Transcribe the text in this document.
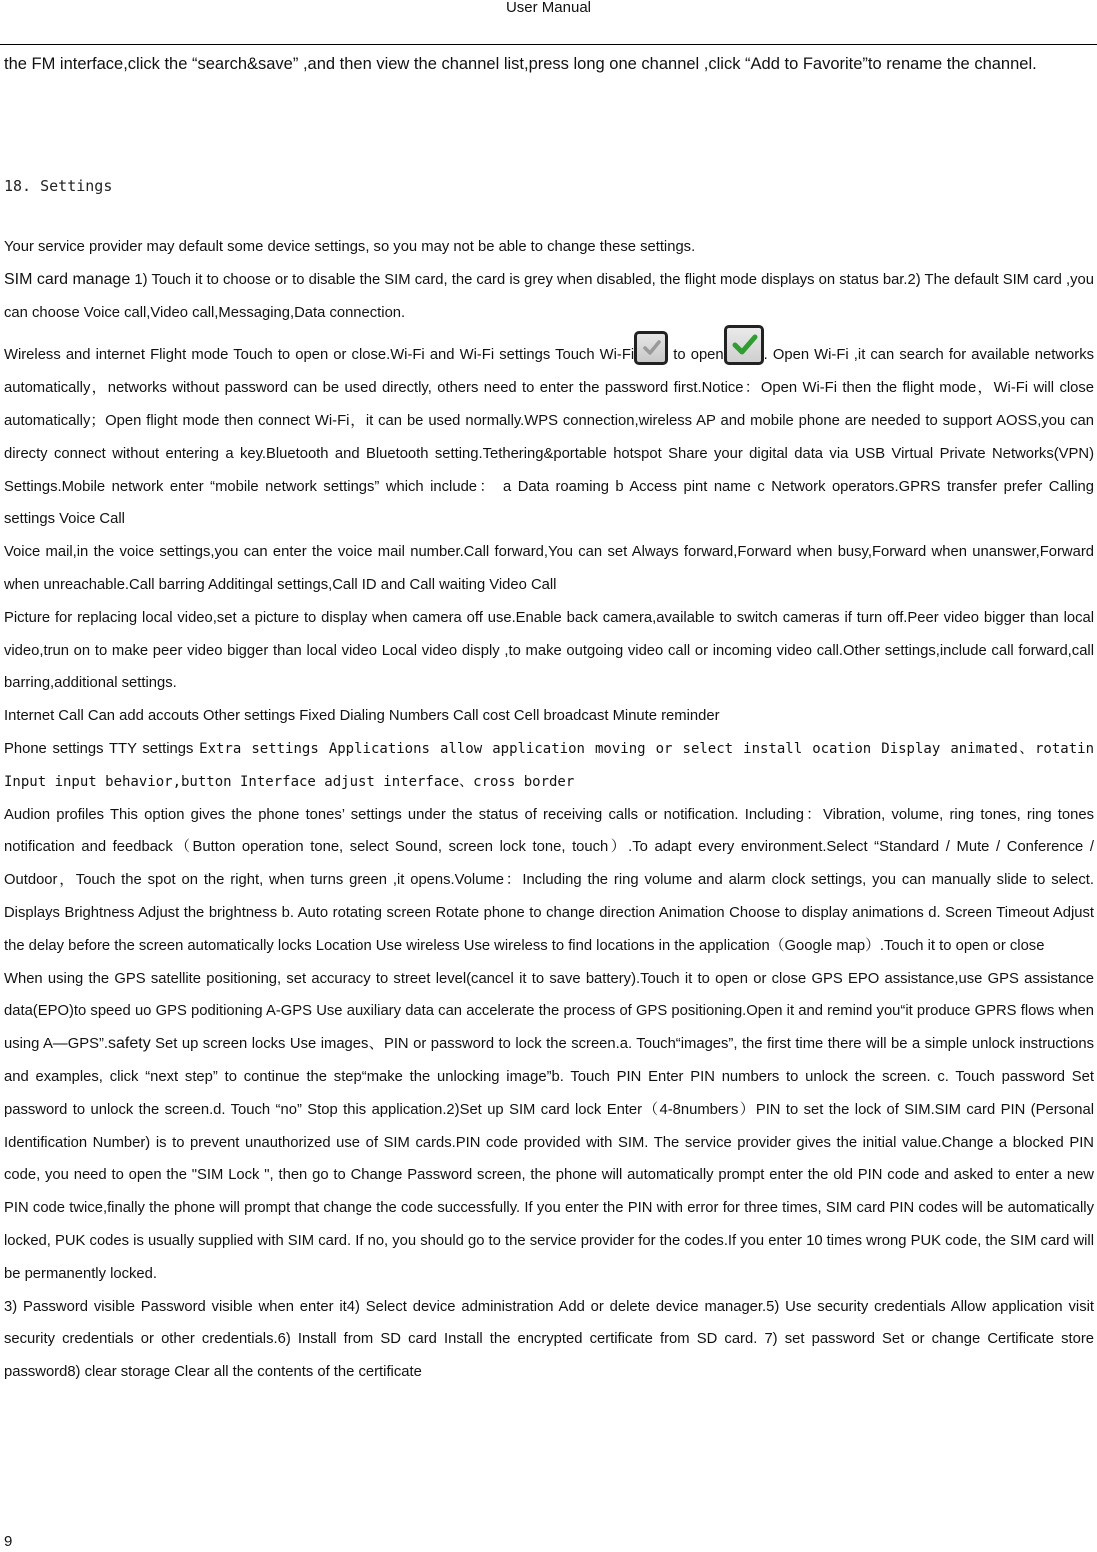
User Manual
the FM interface,click the “search&save” ,and then view the channel list,press long one channel ,click “Add to Favorite”to rename the channel.
18. Settings

Your service provider may default some device settings, so you may not be able to change these settings.

SIM card manage 1) Touch it to choose or to disable the SIM card, the card is grey when disabled, the flight mode displays on status bar.2) The default SIM card ,you can choose Voice call,Video call,Messaging,Data connection.

Wireless and internet Flight mode Touch to open or close.Wi-Fi and Wi-Fi settings Touch Wi-Fi
to open	. Open Wi-Fi ,it can search for available networks automatically，networks without password can be used directly, others need to enter the password first.Notice：Open Wi-Fi then the flight mode，Wi-Fi will close automatically；Open flight mode then connect Wi-Fi，it can be used normally.WPS connection,wireless AP and mobile phone are needed to support AOSS,you can directy connect without entering a key.Bluetooth and Bluetooth setting.Tethering&portable hotspot Share your digital data via USB Virtual Private Networks(VPN) Settings.Mobile network enter “mobile network settings” which include： a Data roaming b Access pint name c Network operators.GPRS transfer prefer Calling settings Voice Call

Voice mail,in the voice settings,you can enter the voice mail number.Call forward,You can set Always forward,Forward when busy,Forward when unanswer,Forward when unreachable.Call barring Additingal settings,Call ID and Call waiting Video Call

Picture for replacing local video,set a picture to display when camera off use.Enable back camera,available to switch cameras if turn off.Peer video bigger than local video,trun on to make peer video bigger than local video Local video disply ,to make outgoing video call or incoming video call.Other settings,include call forward,call barring,additional settings.

Internet Call Can add accouts Other settings Fixed Dialing Numbers Call cost Cell broadcast Minute reminder

Phone settings TTY settings Extra settings Applications allow application moving or select install ocation Display animated、rotatin Input input behavior,button Interface adjust interface、cross border

Audion profiles This option gives the phone tones’ settings under the status of receiving calls or notification. Including：Vibration, volume, ring tones, ring tones notification and feedback（Button operation tone, select Sound, screen lock tone, touch）.To adapt every environment.Select “Standard / Mute / Conference / Outdoor，Touch the spot on the right, when turns green ,it opens.Volume：Including the ring volume and alarm clock settings, you can manually slide to select. Displays Brightness Adjust the brightness b. Auto rotating screen Rotate phone to change direction Animation Choose to display animations d. Screen Timeout Adjust the delay before the screen automatically locks Location Use wireless Use wireless to find locations in the application（Google map）.Touch it to open or close

When using the GPS satellite positioning, set accuracy to street level(cancel it to save battery).Touch it to open or close GPS EPO assistance,use GPS assistance data(EPO)to speed uo GPS poditioning A-GPS Use auxiliary data can accelerate the process of GPS positioning.Open it and remind you“it produce GPRS flows when using A—GPS”.safety Set up screen locks Use images、PIN or password to lock the screen.a. Touch“images”, the first time there will be a simple unlock instructions and examples, click “next step” to continue the step“make the unlocking image”b. Touch PIN Enter PIN numbers to unlock the screen. c. Touch password Set password to unlock the screen.d. Touch “no” Stop this application.2)Set up SIM card lock Enter（4-8numbers）PIN to set the lock of SIM.SIM card PIN (Personal Identification Number) is to prevent unauthorized use of SIM cards.PIN code provided with SIM. The service provider gives the initial value.Change a blocked PIN code, you need to open the "SIM Lock ", then go to Change Password screen, the phone will automatically prompt enter the old PIN code and asked to enter a new PIN code twice,finally the phone will prompt that change the code successfully. If you enter the PIN with error for three times, SIM card PIN codes will be automatically locked, PUK codes is usually supplied with SIM card. If no, you should go to the service provider for the codes.If you enter 10 times wrong PUK code, the SIM card will be permanently locked.

3) Password visible Password visible when enter it4) Select device administration Add or delete device manager.5) Use security credentials Allow application visit security credentials or other credentials.6) Install from SD card Install the encrypted certificate from SD card. 7) set password Set or change Certificate store password8) clear storage Clear all the contents of the certificate

9
